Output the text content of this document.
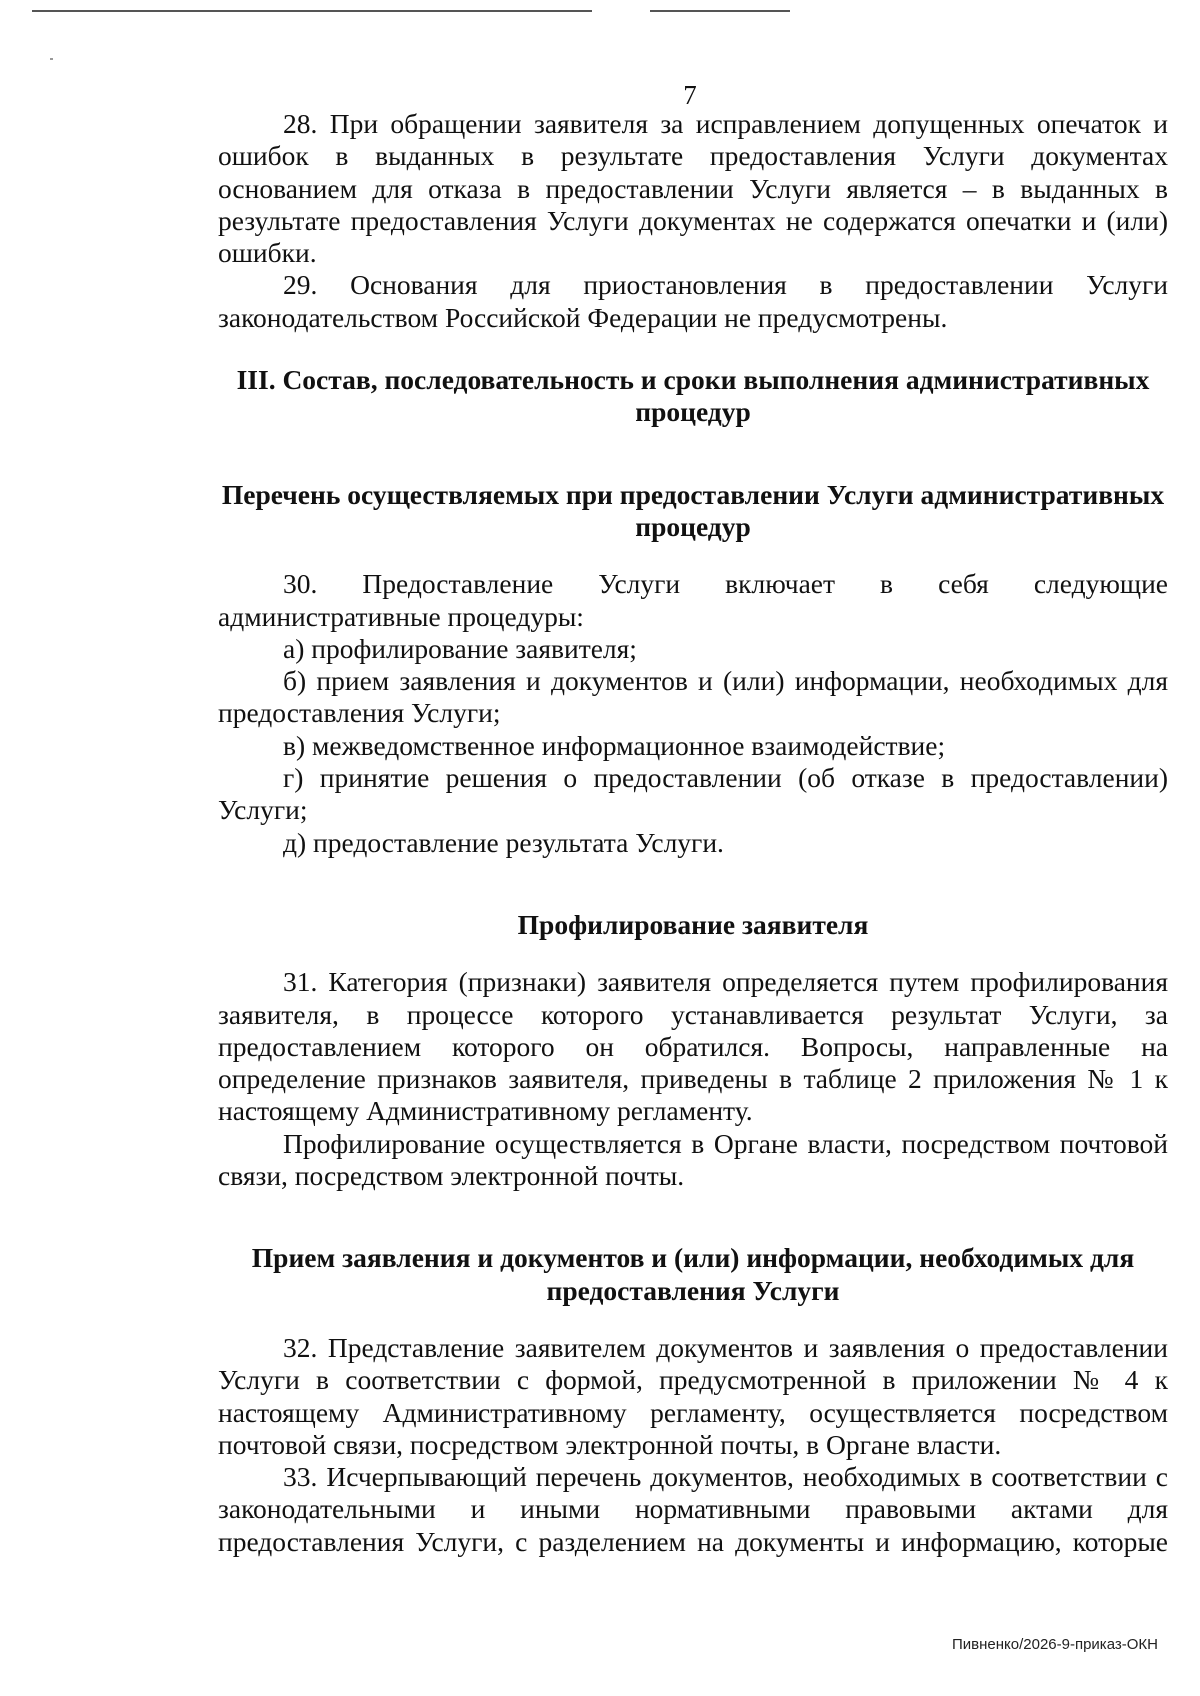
7

28. При обращении заявителя за исправлением допущенных опечаток и ошибок в выданных в результате предоставления Услуги документах основанием для отказа в предоставлении Услуги является – в выданных в результате предоставления Услуги документах не содержатся опечатки и (или) ошибки.

29. Основания для приостановления в предоставлении Услуги законодательством Российской Федерации не предусмотрены.

III. Состав, последовательность и сроки выполнения административных процедур
Перечень осуществляемых при предоставлении Услуги административных процедур

30. Предоставление Услуги включает в себя следующие административные процедуры:

а) профилирование заявителя;

б) прием заявления и документов и (или) информации, необходимых для предоставления Услуги;

в) межведомственное информационное взаимодействие;

г) принятие решения о предоставлении (об отказе в предоставлении) Услуги;

д) предоставление результата Услуги.

Профилирование заявителя

31. Категория (признаки) заявителя определяется путем профилирования заявителя, в процессе которого устанавливается результат Услуги, за предоставлением которого он обратился. Вопросы, направленные на определение признаков заявителя, приведены в таблице 2 приложения № 1 к настоящему Административному регламенту.

Профилирование осуществляется в Органе власти, посредством почтовой связи, посредством электронной почты.

Прием заявления и документов и (или) информации, необходимых для предоставления Услуги

32. Представление заявителем документов и заявления о предоставлении Услуги в соответствии с формой, предусмотренной в приложении № 4 к настоящему Административному регламенту, осуществляется посредством почтовой связи, посредством электронной почты, в Органе власти.

33. Исчерпывающий перечень документов, необходимых в соответствии с законодательными и иными нормативными правовыми актами для предоставления Услуги, с разделением на документы и информацию, которые

Пивненко/2026-9-приказ-ОКН
